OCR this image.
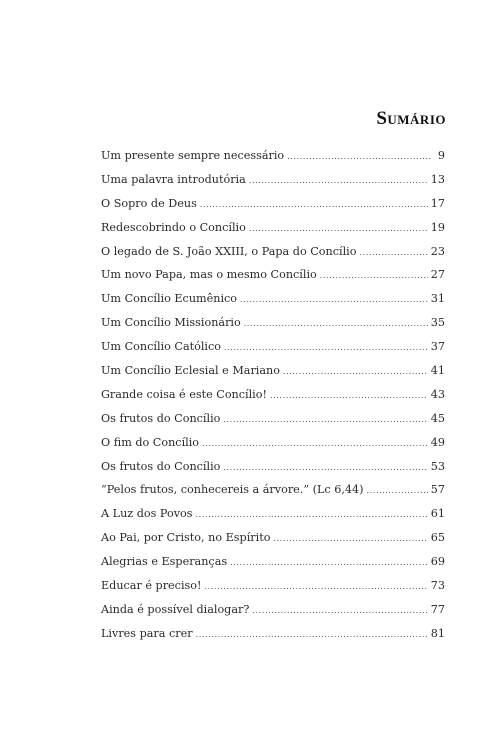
Sumário
Um presente sempre necessário .....	9
Uma palavra introdutória .....	13
O Sopro de Deus .....	17
Redescobrindo o Concílio .....	19
O legado de S. João XXIII, o Papa do Concílio .....	23
Um novo Papa, mas o mesmo Concílio .....	27
Um Concílio Ecumênico .....	31
Um Concílio Missionário .....	35
Um Concílio Católico .....	37
Um Concílio Eclesial e Mariano .....	41
Grande coisa é este Concílio! .....	43
Os frutos do Concílio .....	45
O fim do Concílio .....	49
Os frutos do Concílio .....	53
“Pelos frutos, conhecereis a árvore.” (Lc 6,44) .....	57
A Luz dos Povos .....	61
Ao Pai, por Cristo, no Espírito .....	65
Alegrias e Esperanças .....	69
Educar é preciso! .....	73
Ainda é possível dialogar? .....	77
Livres para crer .....	81
